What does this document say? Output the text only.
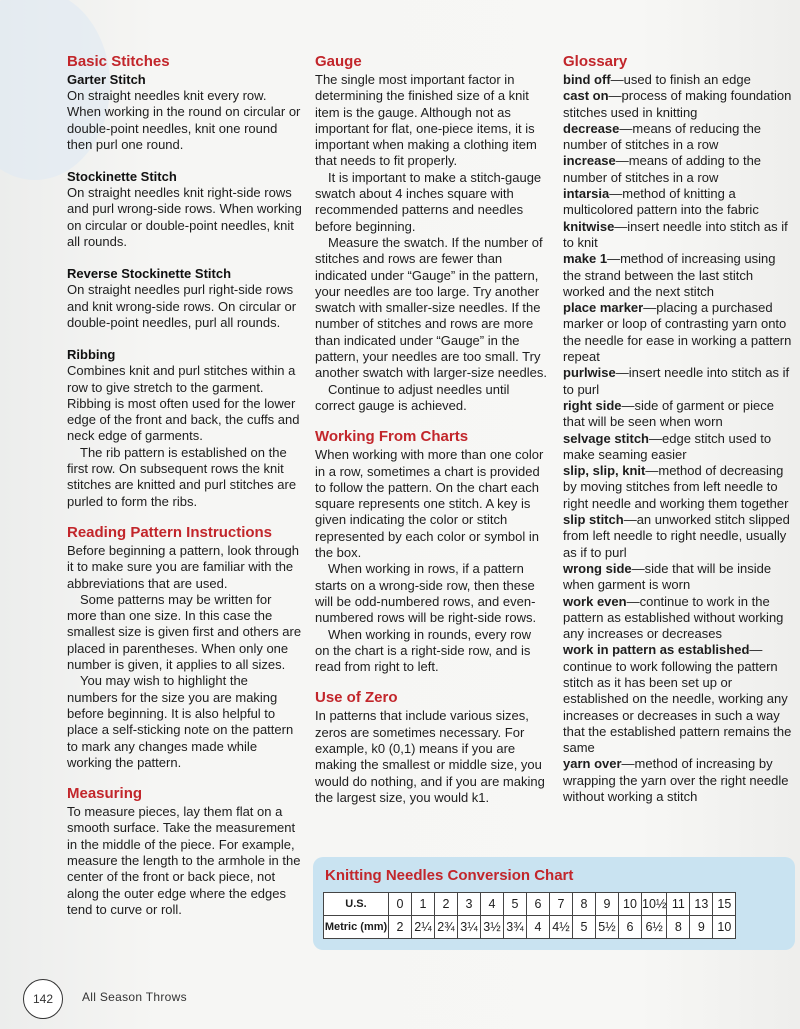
Basic Stitches
Garter Stitch

On straight needles knit every row. When working in the round on circular or double-point needles, knit one round then purl one round.

Stockinette Stitch

On straight needles knit right-side rows and purl wrong-side rows. When working on circular or double-point needles, knit all rounds.

Reverse Stockinette Stitch

On straight needles purl right-side rows and knit wrong-side rows. On circular or double-point needles, purl all rounds.

Ribbing

Combines knit and purl stitches within a row to give stretch to the garment. Ribbing is most often used for the lower edge of the front and back, the cuffs and neck edge of garments.

The rib pattern is established on the first row. On subsequent rows the knit stitches are knitted and purl stitches are purled to form the ribs.

Reading Pattern Instructions

Before beginning a pattern, look through it to make sure you are familiar with the abbreviations that are used.

Some patterns may be written for more than one size. In this case the smallest size is given first and others are placed in parentheses. When only one number is given, it applies to all sizes.

You may wish to highlight the numbers for the size you are making before beginning. It is also helpful to place a self-sticking note on the pattern to mark any changes made while working the pattern.

Measuring

To measure pieces, lay them flat on a smooth surface. Take the measurement in the middle of the piece. For example, measure the length to the armhole in the center of the front or back piece, not along the outer edge where the edges tend to curve or roll.

Gauge

The single most important factor in determining the finished size of a knit item is the gauge. Although not as important for flat, one-piece items, it is important when making a clothing item that needs to fit properly.

It is important to make a stitch-gauge swatch about 4 inches square with recommended patterns and needles before beginning.

Measure the swatch. If the number of stitches and rows are fewer than indicated under “Gauge” in the pattern, your needles are too large. Try another swatch with smaller-size needles. If the number of stitches and rows are more than indicated under “Gauge” in the pattern, your needles are too small. Try another swatch with larger-size needles.

Continue to adjust needles until correct gauge is achieved.

Working From Charts

When working with more than one color in a row, sometimes a chart is provided to follow the pattern. On the chart each square represents one stitch. A key is given indicating the color or stitch represented by each color or symbol in the box.

When working in rows, if a pattern starts on a wrong-side row, then these will be odd-numbered rows, and even-numbered rows will be right-side rows.

When working in rounds, every row on the chart is a right-side row, and is read from right to left.

Use of Zero

In patterns that include various sizes, zeros are sometimes necessary. For example, k0 (0,1) means if you are making the smallest or middle size, you would do nothing, and if you are making the largest size, you would k1.

Glossary

bind off—used to finish an edge

cast on—process of making foundation stitches used in knitting

decrease—means of reducing the number of stitches in a row

increase—means of adding to the number of stitches in a row

intarsia—method of knitting a multicolored pattern into the fabric

knitwise—insert needle into stitch as if to knit

make 1—method of increasing using the strand between the last stitch worked and the next stitch

place marker—placing a purchased marker or loop of contrasting yarn onto the needle for ease in working a pattern repeat

purlwise—insert needle into stitch as if to purl

right side—side of garment or piece that will be seen when worn

selvage stitch—edge stitch used to make seaming easier

slip, slip, knit—method of decreasing by moving stitches from left needle to right needle and working them together

slip stitch—an unworked stitch slipped from left needle to right needle, usually as if to purl

wrong side—side that will be inside when garment is worn

work even—continue to work in the pattern as established without working any increases or decreases

work in pattern as established—continue to work following the pattern stitch as it has been set up or established on the needle, working any increases or decreases in such a way that the established pattern remains the same

yarn over—method of increasing by wrapping the yarn over the right needle without working a stitch

Knitting Needles Conversion Chart
U.S.	0	1	2	3	4	5	6	7	8	9	10	10½	11	13	15
Metric (mm)	2	2¼	2¾	3¼	3½	3¾	4	4½	5	5½	6	6½	8	9	10
142	All Season Throws
